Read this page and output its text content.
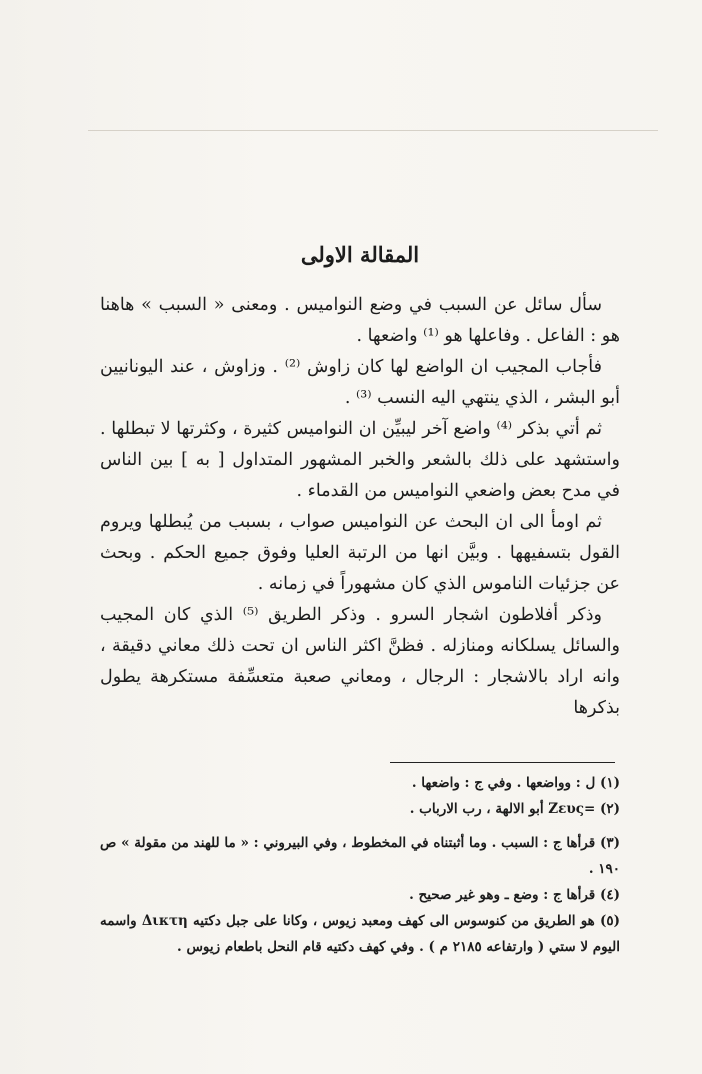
المقالة الاولى

سأل سائل عن السبب في وضع النواميس . ومعنى « السبب » هاهنا هو : الفاعل . وفاعلها هو ⁽¹⁾ واضعها .

فأجاب المجيب ان الواضع لها كان زاوش ⁽²⁾ . وزاوش ، عند اليونانيين أبو البشر ، الذي ينتهي اليه النسب ⁽³⁾ .

ثم أتي بذكر ⁽⁴⁾ واضع آخر ليبيِّن ان النواميس كثيرة ، وكثرتها لا تبطلها . واستشهد على ذلك بالشعر والخبر المشهور المتداول [ به ] بين الناس في مدح بعض واضعي النواميس من القدماء .

ثم اومأ الى ان البحث عن النواميس صواب ، بسبب من يُبطلها ويروم القول بتسفيهها . وبيَّن انها من الرتبة العليا وفوق جميع الحكم . وبحث عن جزئيات الناموس الذي كان مشهوراً في زمانه .

وذكر أفلاطون اشجار السرو . وذكر الطريق ⁽⁵⁾ الذي كان المجيب والسائل يسلكانه ومنازله . فظنَّ اكثر الناس ان تحت ذلك معاني دقيقة ، وانه اراد بالاشجار : الرجال ، ومعاني صعبة متعسِّفة مستكرهة يطول بذكرها

(١) ل : وواضعها . وفي ج : واضعها .

(٢) =Ζευς أبو الالهة ، رب الارباب .

(٣) قرأها ج : السبب . وما أثبتناه في المخطوط ، وفي البيروني : « ما للهند من مقولة » ص ١٩٠ .

(٤) قرأها ج : وضع ـ وهو غير صحيح .

(٥) هو الطريق من كنوسوس الى كهف ومعبد زيوس ، وكانا على جبل دكتيه Δικτη واسمه اليوم لا ستي ( وارتفاعه ٢١٨٥ م ) . وفي كهف دكتيه قام النحل باطعام زيوس .
